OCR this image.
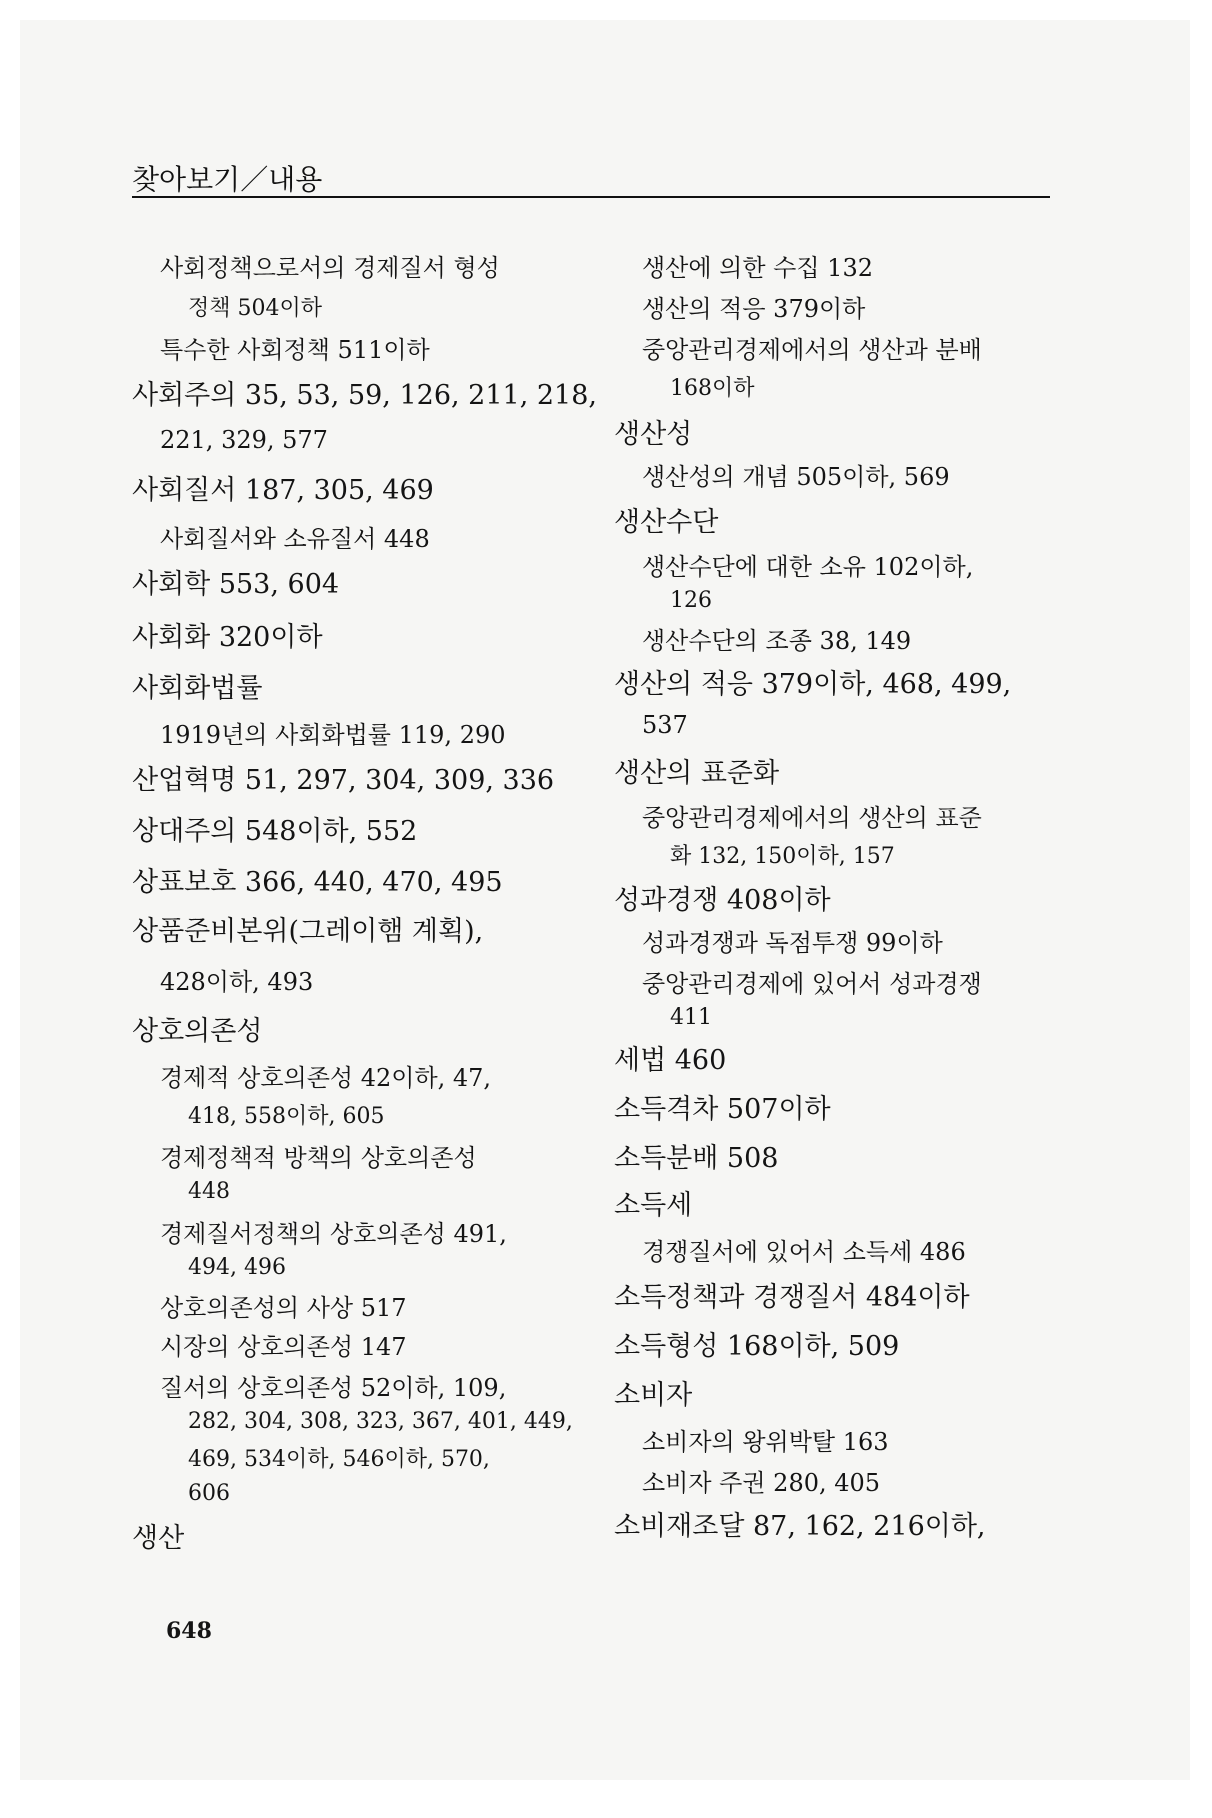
찾아보기／내용
사회정책으로서의 경제질서 형성
정책 504이하
특수한 사회정책 511이하
사회주의 35, 53, 59, 126, 211, 218,
221, 329, 577
사회질서 187, 305, 469
사회질서와 소유질서 448
사회학 553, 604
사회화 320이하
사회화법률
1919년의 사회화법률 119, 290
산업혁명 51, 297, 304, 309, 336
상대주의 548이하, 552
상표보호 366, 440, 470, 495
상품준비본위(그레이햄 계획),
428이하, 493
상호의존성
경제적 상호의존성 42이하, 47,
418, 558이하, 605
경제정책적 방책의 상호의존성
448
경제질서정책의 상호의존성 491,
494, 496
상호의존성의 사상 517
시장의 상호의존성 147
질서의 상호의존성 52이하, 109,
282, 304, 308, 323, 367, 401, 449,
469, 534이하, 546이하, 570,
606
생산
생산에 의한 수집 132
생산의 적응 379이하
중앙관리경제에서의 생산과 분배
168이하
생산성
생산성의 개념 505이하, 569
생산수단
생산수단에 대한 소유 102이하,
126
생산수단의 조종 38, 149
생산의 적응 379이하, 468, 499,
537
생산의 표준화
중앙관리경제에서의 생산의 표준
화 132, 150이하, 157
성과경쟁 408이하
성과경쟁과 독점투쟁 99이하
중앙관리경제에 있어서 성과경쟁
411
세법 460
소득격차 507이하
소득분배 508
소득세
경쟁질서에 있어서 소득세 486
소득정책과 경쟁질서 484이하
소득형성 168이하, 509
소비자
소비자의 왕위박탈 163
소비자 주권 280, 405
소비재조달 87, 162, 216이하,
648
